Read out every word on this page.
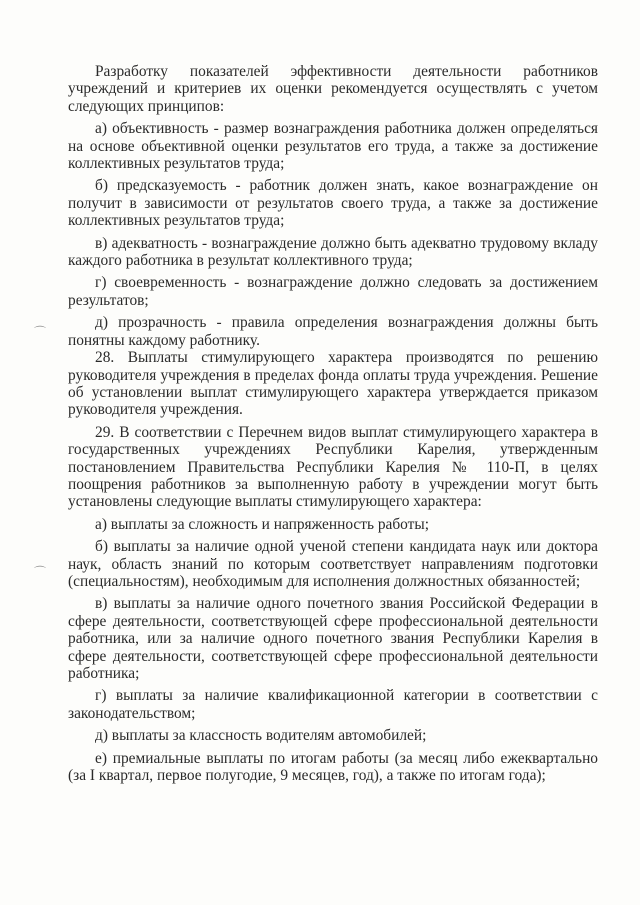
⌒
⌒

Разработку показателей эффективности деятельности работников учреждений и критериев их оценки рекомендуется осуществлять с учетом следующих принципов:

а) объективность - размер вознаграждения работника должен определяться на основе объективной оценки результатов его труда, а также за достижение коллективных результатов труда;

б) предсказуемость - работник должен знать, какое вознаграждение он получит в зависимости от результатов своего труда, а также за достижение коллективных результатов труда;

в) адекватность - вознаграждение должно быть адекватно трудовому вкладу каждого работника в результат коллективного труда;

г) своевременность - вознаграждение должно следовать за достижением результатов;

д) прозрачность - правила определения вознаграждения должны быть понятны каждому работнику.

28. Выплаты стимулирующего характера производятся по решению руководителя учреждения в пределах фонда оплаты труда учреждения. Решение об установлении выплат стимулирующего характера утверждается приказом руководителя учреждения.

29. В соответствии с Перечнем видов выплат стимулирующего характера в государственных учреждениях Республики Карелия, утвержденным постановлением Правительства Республики Карелия № 110-П, в целях поощрения работников за выполненную работу в учреждении могут быть установлены следующие выплаты стимулирующего характера:

а) выплаты за сложность и напряженность работы;

б) выплаты за наличие одной ученой степени кандидата наук или доктора наук, область знаний по которым соответствует направлениям подготовки (специальностям), необходимым для исполнения должностных обязанностей;

в) выплаты за наличие одного почетного звания Российской Федерации в сфере деятельности, соответствующей сфере профессиональной деятельности работника, или за наличие одного почетного звания Республики Карелия в сфере деятельности, соответствующей сфере профессиональной деятельности работника;

г) выплаты за наличие квалификационной категории в соответствии с законодательством;

д) выплаты за классность водителям автомобилей;

е) премиальные выплаты по итогам работы (за месяц либо ежеквартально (за I квартал, первое полугодие, 9 месяцев, год), а также по итогам года);
